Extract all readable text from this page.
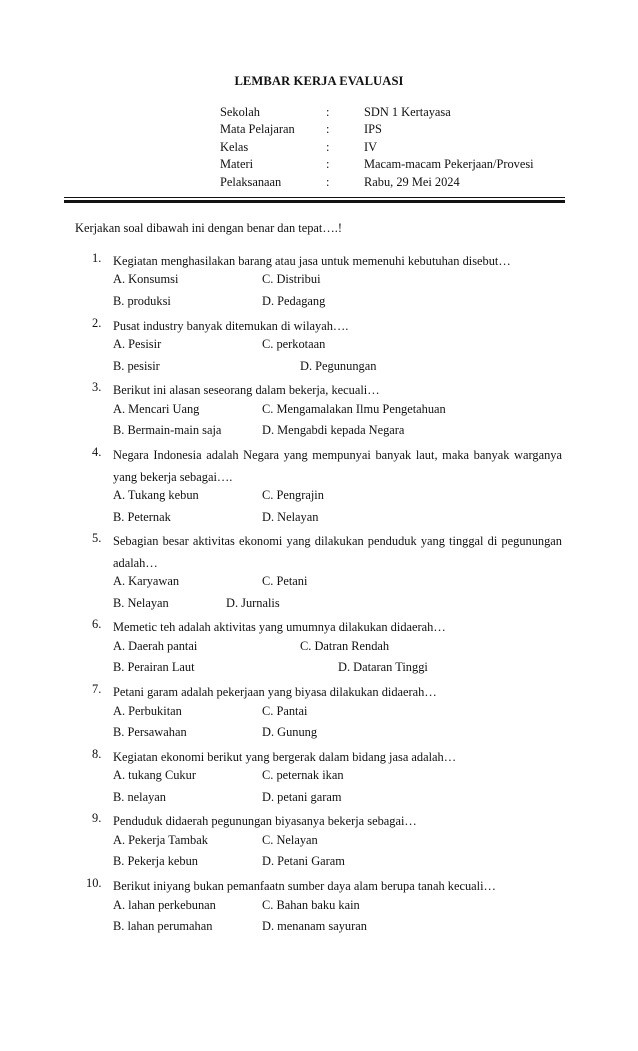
LEMBAR KERJA EVALUASI
Sekolah	:	SDN 1 Kertayasa
Mata Pelajaran	:	IPS
Kelas	:	IV
Materi	:	Macam-macam Pekerjaan/Provesi
Pelaksanaan	:	Rabu, 29 Mei 2024
Kerjakan soal dibawah ini dengan benar dan tepat….!
1. Kegiatan menghasilakan barang atau jasa untuk memenuhi kebutuhan disebut…
A. Konsumsi	C. Distribui
B. produksi	D. Pedagang
2. Pusat industry banyak ditemukan di wilayah….
A. Pesisir	C. perkotaan
B. pesisir	D. Pegunungan
3. Berikut ini alasan seseorang dalam bekerja, kecuali…
A. Mencari Uang	C. Mengamalakan Ilmu Pengetahuan
B. Bermain-main saja	D. Mengabdi kepada Negara
4. Negara Indonesia adalah Negara yang mempunyai banyak laut, maka banyak warganya yang bekerja sebagai….
A. Tukang kebun	C. Pengrajin
B. Peternak	D. Nelayan
5. Sebagian besar aktivitas ekonomi yang dilakukan penduduk yang tinggal di pegunungan adalah…
A. Karyawan	C. Petani
B. Nelayan	D. Jurnalis
6. Memetic teh adalah aktivitas yang umumnya dilakukan didaerah…
A. Daerah pantai	C. Datran Rendah
B. Perairan Laut	D. Dataran Tinggi
7. Petani garam adalah pekerjaan yang biyasa dilakukan didaerah…
A. Perbukitan	C. Pantai
B. Persawahan	D. Gunung
8. Kegiatan ekonomi berikut yang bergerak dalam bidang jasa adalah…
A. tukang Cukur	C. peternak ikan
B. nelayan	D. petani garam
9. Penduduk didaerah pegunungan biyasanya bekerja sebagai…
A. Pekerja Tambak	C. Nelayan
B. Pekerja kebun	D. Petani Garam
10. Berikut iniyang bukan pemanfaatn sumber daya alam berupa tanah kecuali…
A. lahan perkebunan	C. Bahan baku kain
B. lahan perumahan	D. menanam sayuran
